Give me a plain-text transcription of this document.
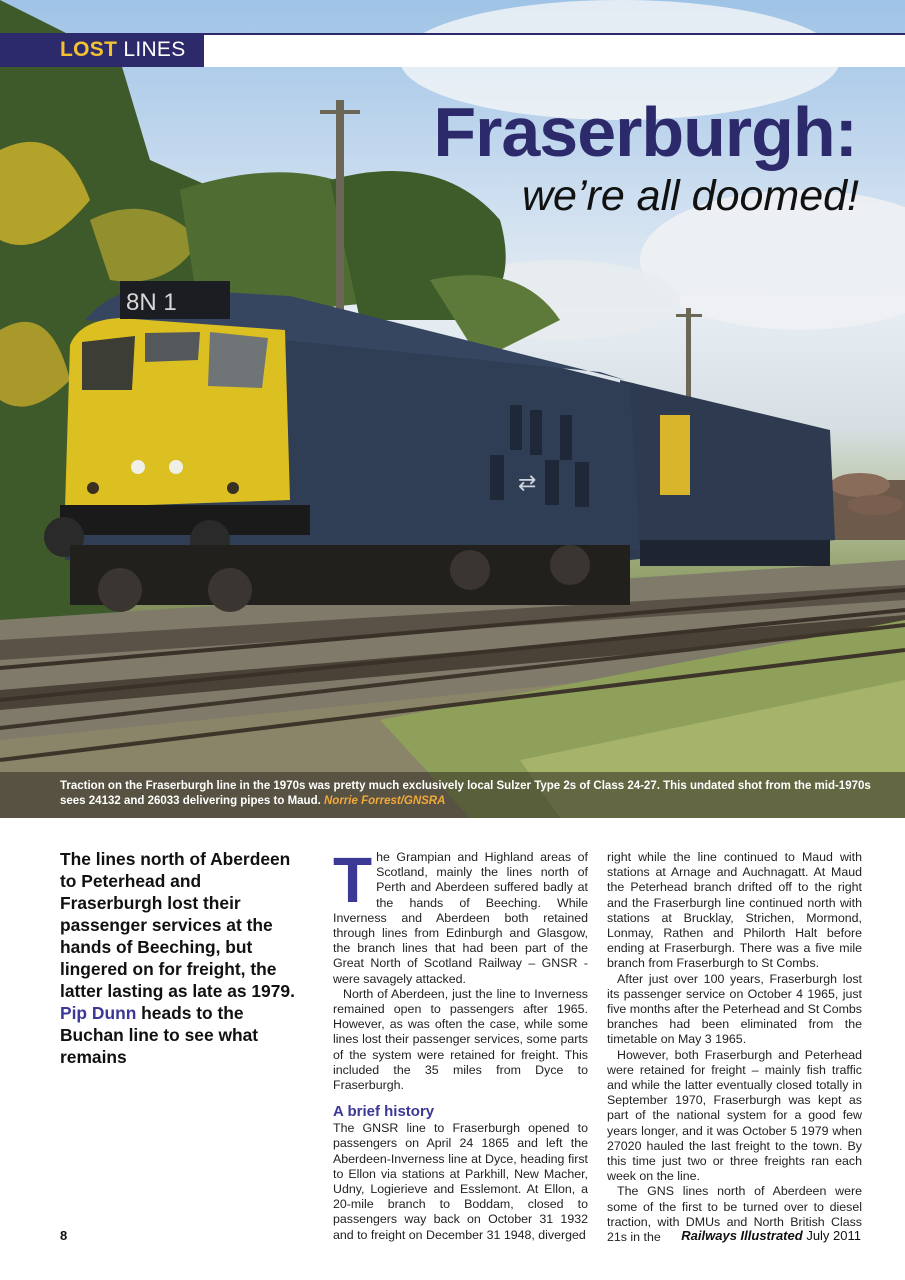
8N 1
⇄
LOST LINES
Fraserburgh:
we’re all doomed!
Traction on the Fraserburgh line in the 1970s was pretty much exclusively local Sulzer Type 2s of Class 24-27. This undated shot from the mid-1970s sees 24132 and 26033 delivering pipes to Maud. Norrie Forrest/GNSRA
The lines north of Aberdeen to Peterhead and Fraserburgh lost their passenger services at the hands of Beeching, but lingered on for freight, the latter lasting as late as 1979. Pip Dunn heads to the Buchan line to see what remains

The Grampian and Highland areas of Scotland, mainly the lines north of Perth and Aberdeen suffered badly at the hands of Beeching. While Inverness and Aberdeen both retained through lines from Edinburgh and Glasgow, the branch lines that had been part of the Great North of Scotland Railway – GNSR - were savagely attacked.

North of Aberdeen, just the line to Inverness remained open to passengers after 1965. However, as was often the case, while some lines lost their passenger services, some parts of the system were retained for freight. This included the 35 miles from Dyce to Fraserburgh.

A brief history

The GNSR line to Fraserburgh opened to passengers on April 24 1865 and left the Aberdeen-Inverness line at Dyce, heading first to Ellon via stations at Parkhill, New Macher, Udny, Logierieve and Esslemont. At Ellon, a 20-mile branch to Boddam, closed to passengers way back on October 31 1932 and to freight on December 31 1948, diverged

right while the line continued to Maud with stations at Arnage and Auchnagatt. At Maud the Peterhead branch drifted off to the right and the Fraserburgh line continued north with stations at Brucklay, Strichen, Mormond, Lonmay, Rathen and Philorth Halt before ending at Fraserburgh. There was a five mile branch from Fraserburgh to St Combs.

After just over 100 years, Fraserburgh lost its passenger service on October 4 1965, just five months after the Peterhead and St Combs branches had been eliminated from the timetable on May 3 1965.

However, both Fraserburgh and Peterhead were retained for freight – mainly fish traffic and while the latter eventually closed totally in September 1970, Fraserburgh was kept as part of the national system for a good few years longer, and it was October 5 1979 when 27020 hauled the last freight to the town. By this time just two or three freights ran each week on the line.

The GNS lines north of Aberdeen were some of the first to be turned over to diesel traction, with DMUs and North British Class 21s in the

8	Railways Illustrated July 2011
